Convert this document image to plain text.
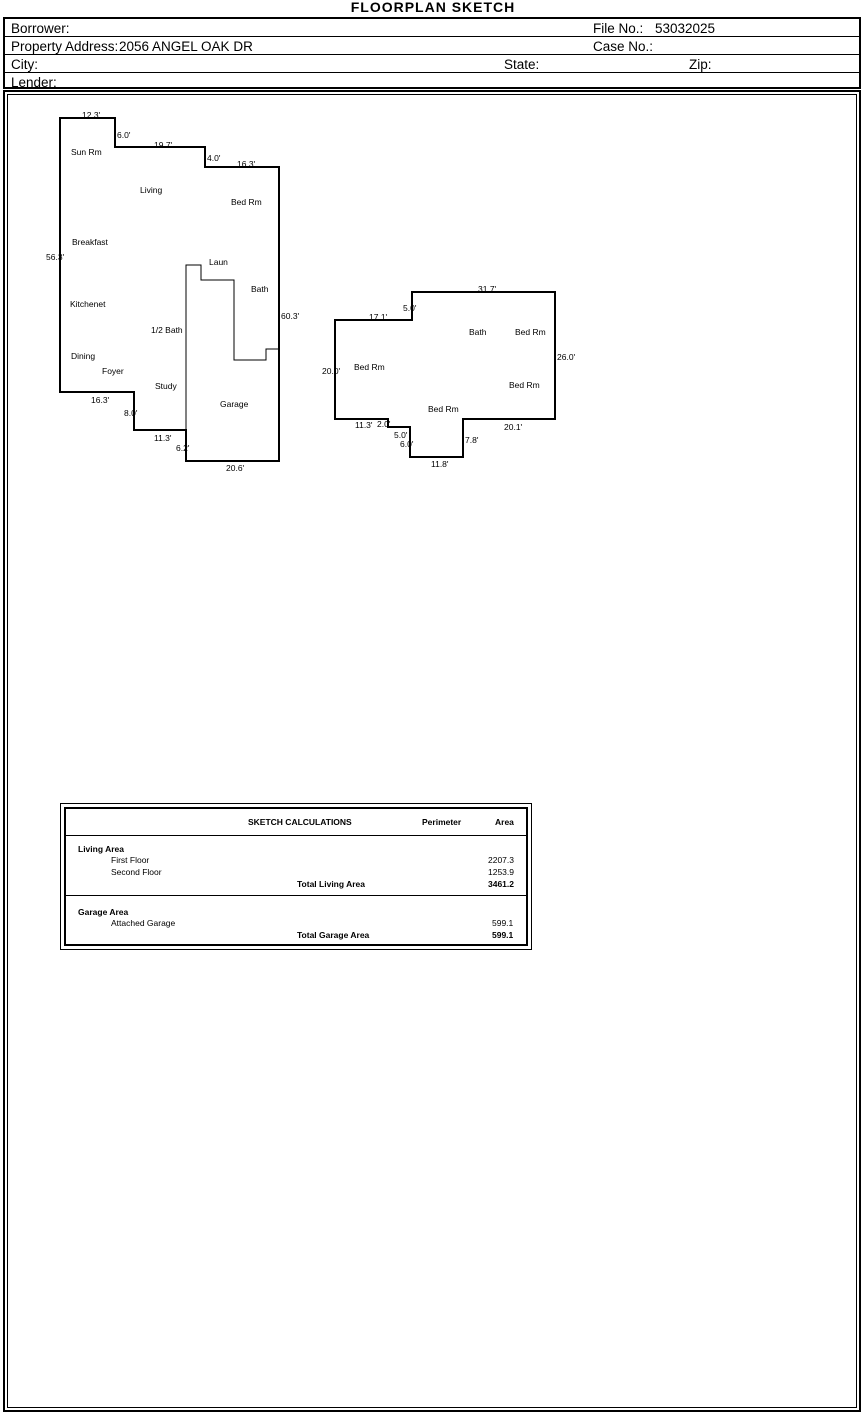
FLOORPLAN SKETCH
Borrower:	File No.: 53032025
Property Address: 2056 ANGEL OAK DR	Case No.:
City:	State:	Zip:
Lender:
Sun Rm
Living
Bed Rm
Breakfast
Laun
Bath
Kitchenet
1/2 Bath
Dining
Foyer
Study
Garage
12.3'
6.0'
19.7'
4.0'
16.3'
56.3'
60.3'
16.3'
8.0'
11.3'
6.2'
20.6'
Bath	Bed Rm
Bed Rm
Bed Rm
Bed Rm
31.7'
5.0'
17.1'
26.0'
20.0'
11.3' 2.0'
5.0'
6.0'	7.8'
20.1'
11.8'
SKETCH CALCULATIONS	Perimeter	Area
Living Area
First Floor	2207.3
Second Floor	1253.9
Total Living Area	3461.2
Garage Area
Attached Garage	599.1
Total Garage Area	599.1
